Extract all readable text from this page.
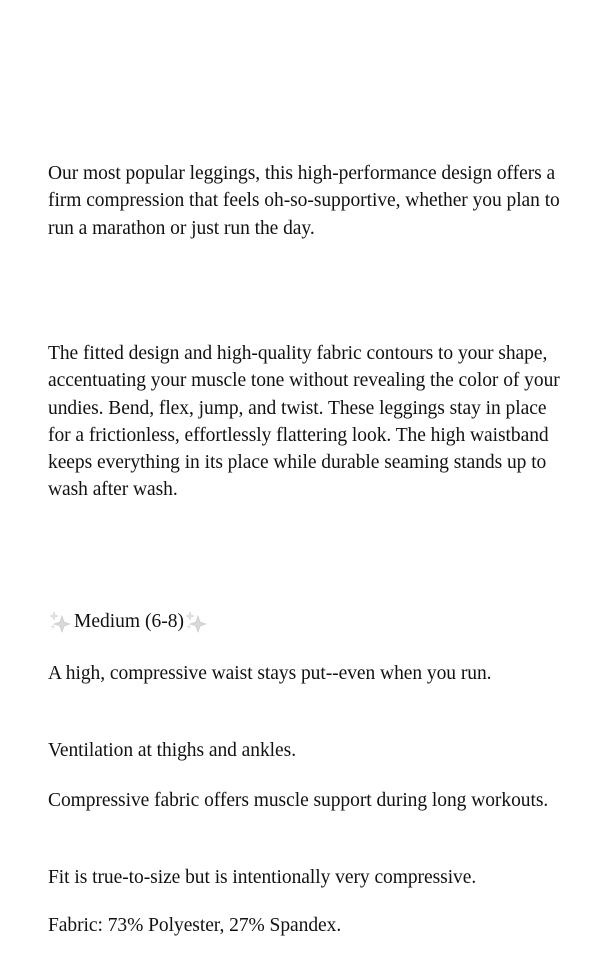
Our most popular leggings, this high-performance design offers a firm compression that feels oh-so-supportive, whether you plan to run a marathon or just run the day.

The fitted design and high-quality fabric contours to your shape, accentuating your muscle tone without revealing the color of your undies. Bend, flex, jump, and twist. These leggings stay in place for a frictionless, effortlessly flattering look. The high waistband keeps everything in its place while durable seaming stands up to wash after wash.

Medium (6-8)

A high, compressive waist stays put--even when you run.

Ventilation at thighs and ankles.

Compressive fabric offers muscle support during long workouts.

Fit is true-to-size but is intentionally very compressive.

Fabric: 73% Polyester, 27% Spandex.
